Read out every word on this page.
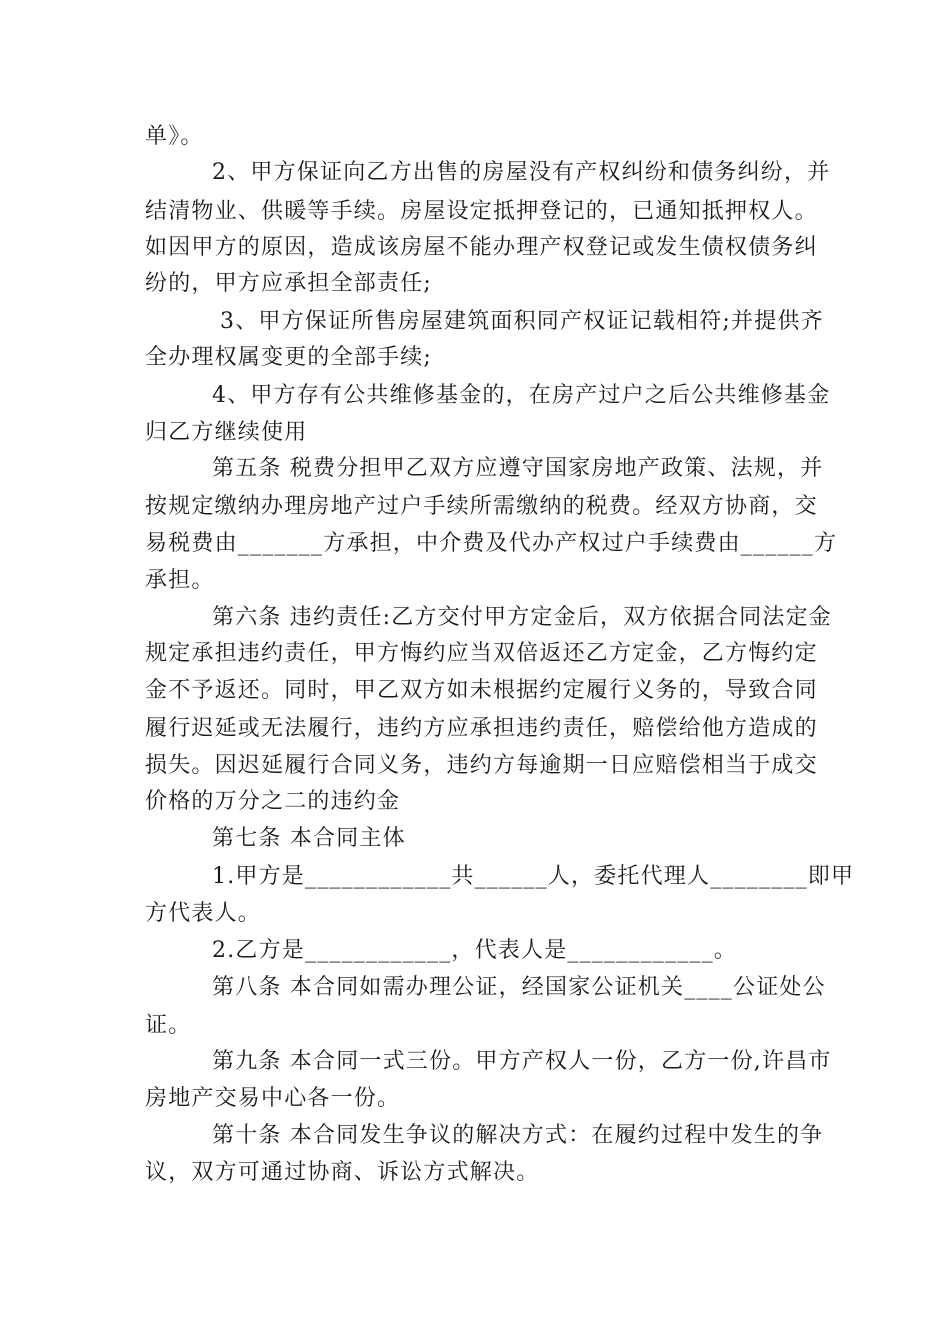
单》。
2、甲方保证向乙方出售的房屋没有产权纠纷和债务纠纷，并
结清物业、供暖等手续。房屋设定抵押登记的，已通知抵押权人。
如因甲方的原因，造成该房屋不能办理产权登记或发生债权债务纠
纷的，甲方应承担全部责任;
3、甲方保证所售房屋建筑面积同产权证记载相符;并提供齐
全办理权属变更的全部手续;
4、甲方存有公共维修基金的，在房产过户之后公共维修基金
归乙方继续使用
第五条 税费分担甲乙双方应遵守国家房地产政策、法规，并
按规定缴纳办理房地产过户手续所需缴纳的税费。经双方协商，交
易税费由_______方承担，中介费及代办产权过户手续费由______方
承担。
第六条 违约责任:乙方交付甲方定金后，双方依据合同法定金
规定承担违约责任，甲方悔约应当双倍返还乙方定金，乙方悔约定
金不予返还。同时，甲乙双方如未根据约定履行义务的，导致合同
履行迟延或无法履行，违约方应承担违约责任，赔偿给他方造成的
损失。因迟延履行合同义务，违约方每逾期一日应赔偿相当于成交
价格的万分之二的违约金
第七条 本合同主体
1.甲方是____________共______人，委托代理人________即甲
方代表人。
2.乙方是____________，代表人是____________。
第八条 本合同如需办理公证，经国家公证机关____公证处公
证。
第九条 本合同一式三份。甲方产权人一份，乙方一份,许昌市
房地产交易中心各一份。
第十条 本合同发生争议的解决方式：在履约过程中发生的争
议，双方可通过协商、诉讼方式解决。
